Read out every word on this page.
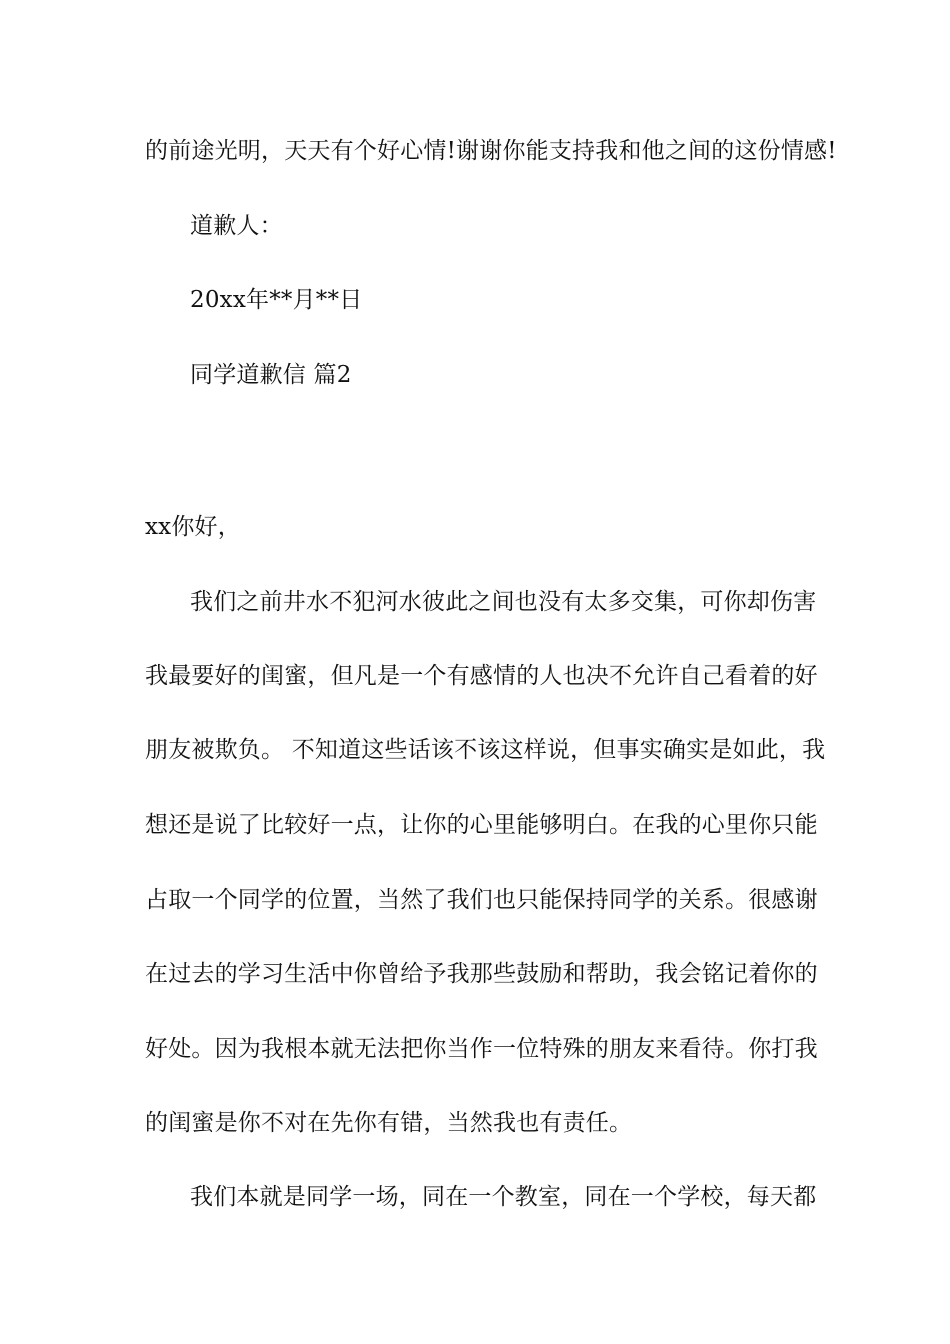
的前途光明，天天有个好心情!谢谢你能支持我和他之间的这份情感!
道歉人：
20xx年**月**日
同学道歉信 篇2
xx你好，
我们之前井水不犯河水彼此之间也没有太多交集，可你却伤害
我最要好的闺蜜，但凡是一个有感情的人也决不允许自己看着的好
朋友被欺负。 不知道这些话该不该这样说，但事实确实是如此，我
想还是说了比较好一点，让你的心里能够明白。在我的心里你只能
占取一个同学的位置，当然了我们也只能保持同学的关系。很感谢
在过去的学习生活中你曾给予我那些鼓励和帮助，我会铭记着你的
好处。因为我根本就无法把你当作一位特殊的朋友来看待。你打我
的闺蜜是你不对在先你有错，当然我也有责任。
我们本就是同学一场，同在一个教室，同在一个学校，每天都
